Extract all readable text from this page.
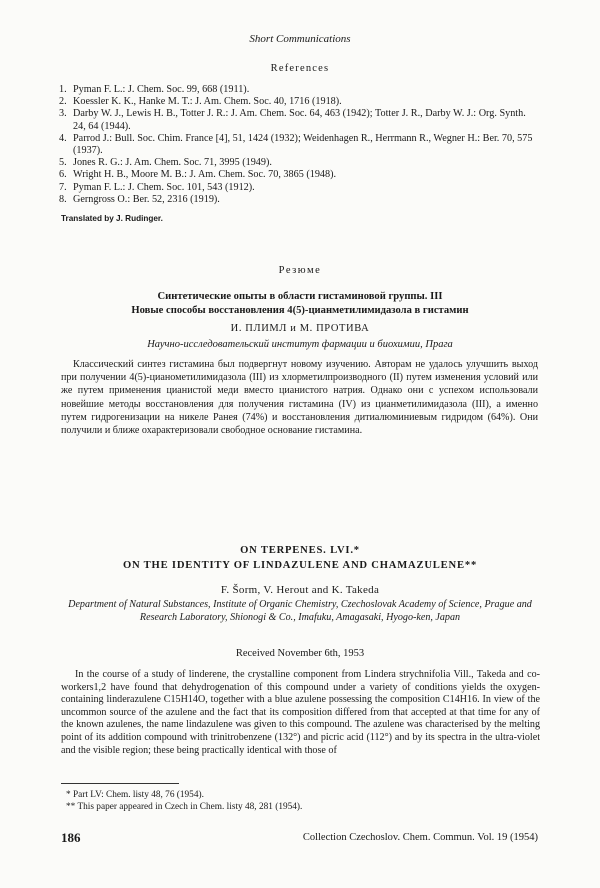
Short Communications
References
1. Pyman F. L.: J. Chem. Soc. 99, 668 (1911).
2. Koessler K. K., Hanke M. T.: J. Am. Chem. Soc. 40, 1716 (1918).
3. Darby W. J., Lewis H. B., Totter J. R.: J. Am. Chem. Soc. 64, 463 (1942); Totter J. R., Darby W. J.: Org. Synth. 24, 64 (1944).
4. Parrod J.: Bull. Soc. Chim. France [4], 51, 1424 (1932); Weidenhagen R., Herrmann R., Wegner H.: Ber. 70, 575 (1937).
5. Jones R. G.: J. Am. Chem. Soc. 71, 3995 (1949).
6. Wright H. B., Moore M. B.: J. Am. Chem. Soc. 70, 3865 (1948).
7. Pyman F. L.: J. Chem. Soc. 101, 543 (1912).
8. Gerngross O.: Ber. 52, 2316 (1919).
Translated by J. Rudinger.
Резюме
Синтетические опыты в области гистаминовой группы. III
Новые способы восстановления 4(5)-цианметилимидазола в гистамин
И. ПЛИМЛ и М. ПРОТИВА
Научно-исследовательский институт фармации и биохимии, Прага

Классический синтез гистамина был подвергнут новому изучению. Авторам не удалось улучшить выход при получении 4(5)-цианометилимидазола (III) из хлорметилпроизводного (II) путем изменения условий или же путем применения цианистой меди вместо цианистого натрия. Однако они с успехом использовали новейшие методы восстановления для получения гистамина (IV) из цианметилимидазола (III), а именно путем гидрогенизации на никеле Ранея (74%) и восстановления дитиалюминиевым гидридом (64%). Они получили и ближе охарактеризовали свободное основание гистамина.

ON TERPENES. LVI.*
ON THE IDENTITY OF LINDAZULENE AND CHAMAZULENE**
F. Šorm, V. Herout and K. Takeda

Department of Natural Substances, Institute of Organic Chemistry, Czechoslovak Academy of Science, Prague and Research Laboratory, Shionogi & Co., Imafuku, Amagasaki, Hyogo-ken, Japan

Received November 6th, 1953

In the course of a study of linderene, the crystalline component from Lindera strychnifolia Vill., Takeda and co-workers1,2 have found that dehydrogenation of this compound under a variety of conditions yields the oxygen-containing linderazulene C15H14O, together with a blue azulene possessing the composition C14H16. In view of the uncommon source of the azulene and the fact that its composition differed from that accepted at that time for any of the known azulenes, the name lindazulene was given to this compound. The azulene was characterised by the melting point of its addition compound with trinitrobenzene (132°) and picric acid (112°) and by its spectra in the ultra-violet and the visible region; these being practically identical with those of

* Part LV: Chem. listy 48, 76 (1954).

** This paper appeared in Czech in Chem. listy 48, 281 (1954).

186	Collection Czechoslov. Chem. Commun. Vol. 19 (1954)
